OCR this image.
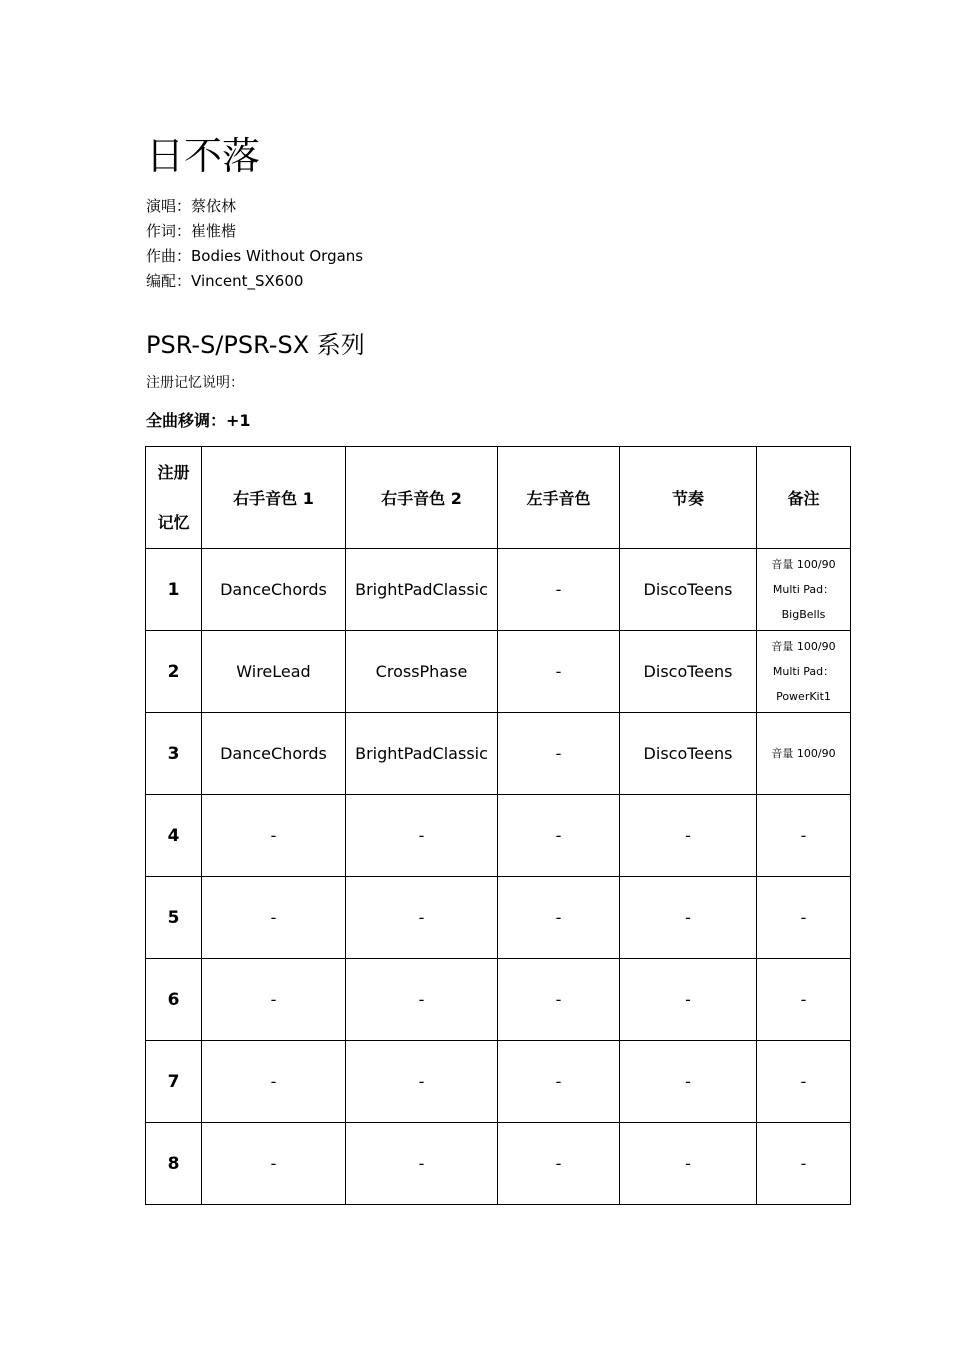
日不落
演唱：蔡依林
作词：崔惟楷
作曲：Bodies Without Organs
编配：Vincent_SX600
PSR-S/PSR-SX 系列

注册记忆说明：

全曲移调：+1

注册
记忆	右手音色 1	右手音色 2	左手音色	节奏	备注
1	DanceChords	BrightPadClassic	-	DiscoTeens	音量 100/90
Multi Pad：
BigBells

2	WireLead	CrossPhase	-	DiscoTeens	音量 100/90
Multi Pad：
PowerKit1

3	DanceChords	BrightPadClassic	-	DiscoTeens	音量 100/90

4	-	-	-	-	-

5	-	-	-	-	-

6	-	-	-	-	-

7	-	-	-	-	-

8	-	-	-	-	-
